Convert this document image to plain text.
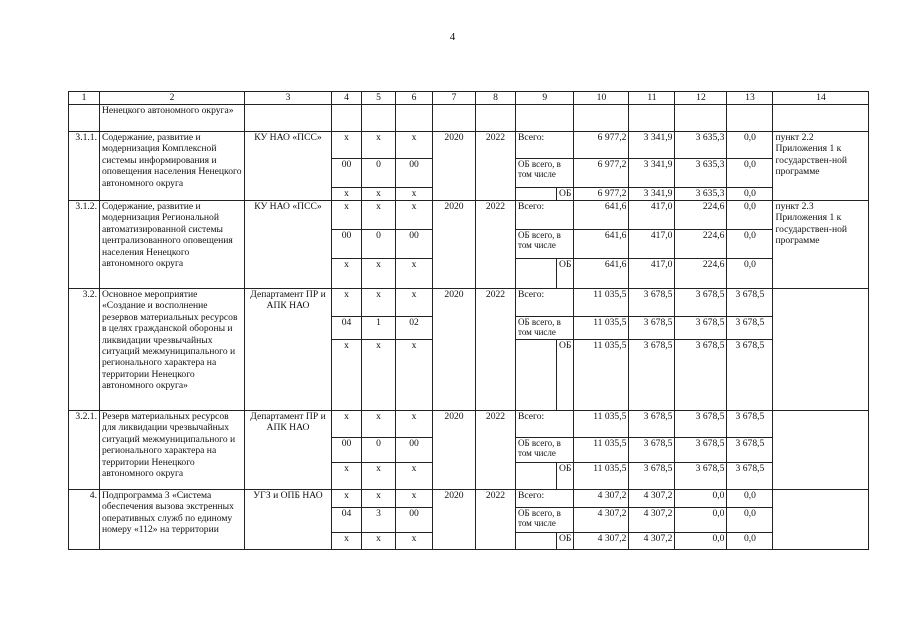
4
1	2	3	4	5	6	7	8	9		10	11	12	13	14
	Ненецкого автономного округа»													
3.1.1.	Содержание, развитие и модернизация Комплексной системы информирования и оповещения населения Ненецкого автономного округа	КУ НАО «ПСС»	x	x	x	2020	2022	Всего:		6 977,2	3 341,9	3 635,3	0,0	пункт 2.2 Приложения 1 к государствен-ной программе
			00	0	00			ОБ всего, в том числе		6 977,2	3 341,9	3 635,3	0,0	
			x	x	x				ОБ	6 977,2	3 341,9	3 635,3	0,0	
3.1.2.	Содержание, развитие и модернизация Региональной автоматизированной системы централизованного оповещения населения Ненецкого автономного округа	КУ НАО «ПСС»	x	x	x	2020	2022	Всего:		641,6	417,0	224,6	0,0	пункт 2.3 Приложения 1 к государствен-ной программе
			00	0	00			ОБ всего, в том числе		641,6	417,0	224,6	0,0	
			x	x	x				ОБ	641,6	417,0	224,6	0,0	
3.2.	Основное мероприятие «Создание и восполнение резервов материальных ресурсов в целях гражданской обороны и ликвидации чрезвычайных ситуаций межмуниципального и регионального характера на территории Ненецкого автономного округа»	Департамент ПР и АПК НАО	x	x	x	2020	2022	Всего:		11 035,5	3 678,5	3 678,5	3 678,5	
			04	1	02			ОБ всего, в том числе		11 035,5	3 678,5	3 678,5	3 678,5	
			x	x	x				ОБ	11 035,5	3 678,5	3 678,5	3 678,5	
3.2.1.	Резерв материальных ресурсов для ликвидации чрезвычайных ситуаций межмуниципального и регионального характера на территории Ненецкого автономного округа	Департамент ПР и АПК НАО	x	x	x	2020	2022	Всего:		11 035,5	3 678,5	3 678,5	3 678,5	
			00	0	00			ОБ всего, в том числе		11 035,5	3 678,5	3 678,5	3 678,5	
			x	x	x				ОБ	11 035,5	3 678,5	3 678,5	3 678,5	
4.	Подпрограмма 3 «Система обеспечения вызова экстренных оперативных служб по единому номеру «112» на территории	УГЗ и ОПБ НАО	x	x	x	2020	2022	Всего:		4 307,2	4 307,2	0,0	0,0	
			04	3	00			ОБ всего, в том числе		4 307,2	4 307,2	0,0	0,0	
			x	x	x				ОБ	4 307,2	4 307,2	0,0	0,0	
